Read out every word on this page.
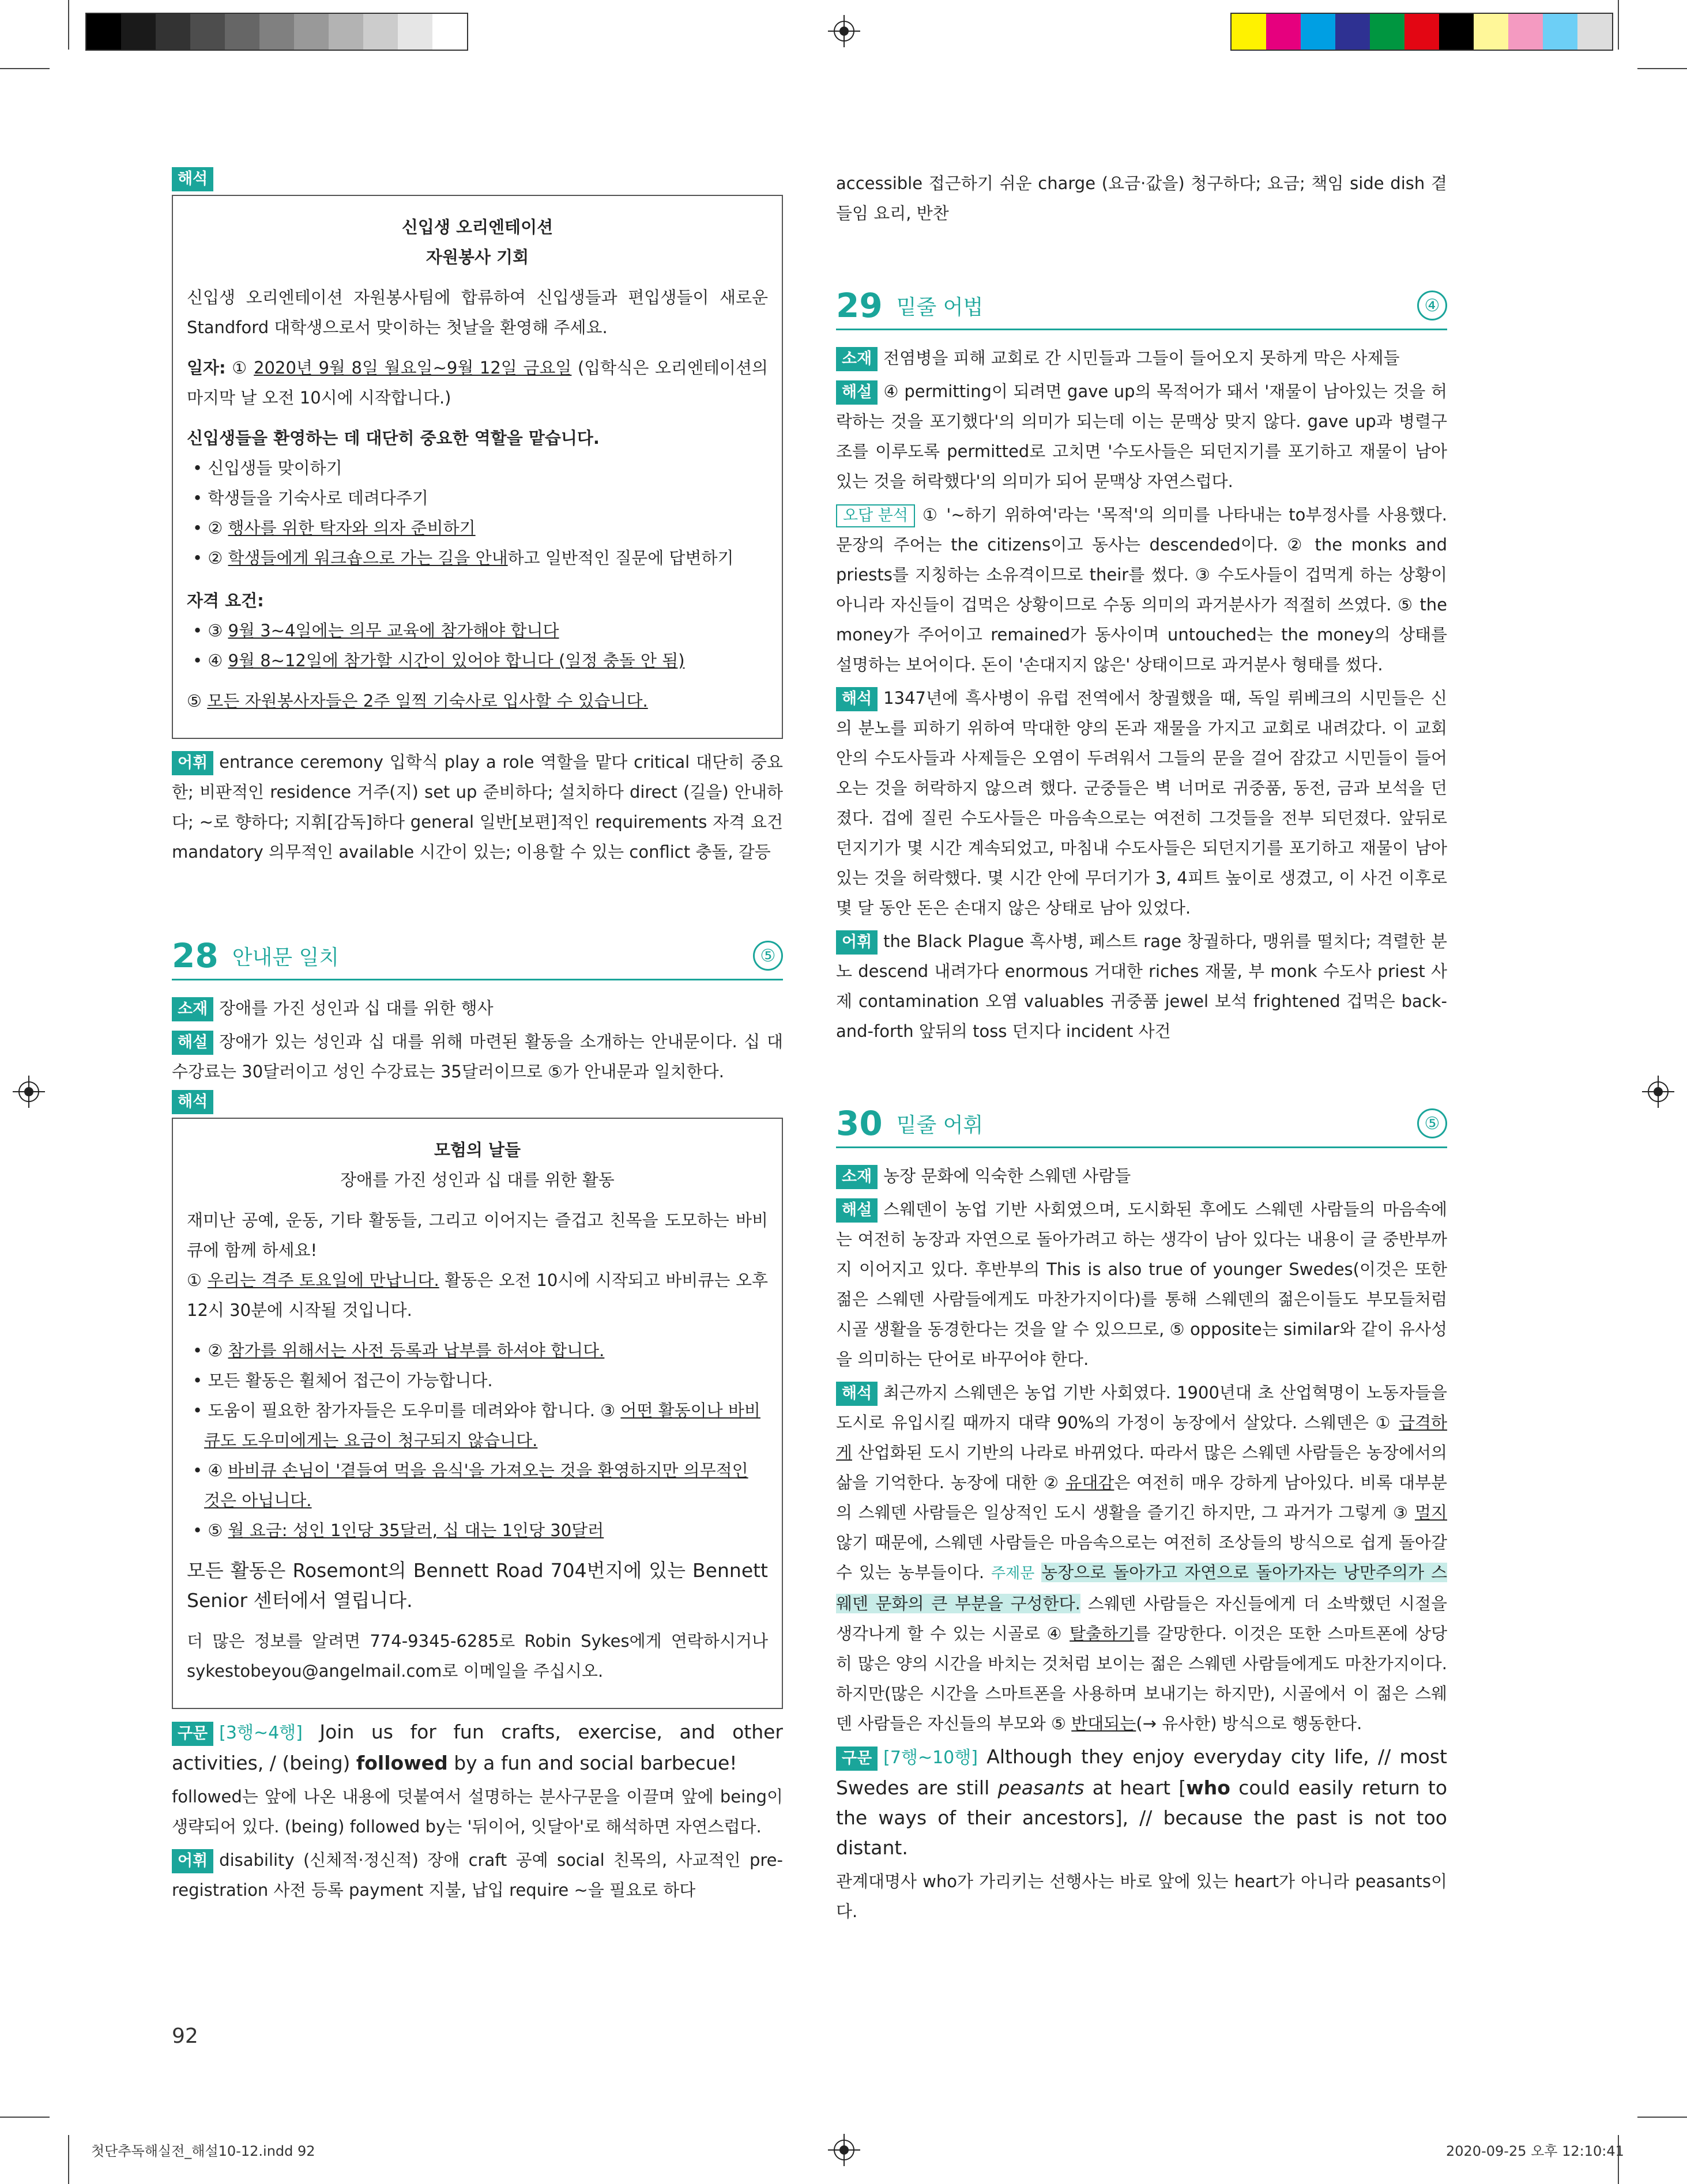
해석
신입생 오리엔테이션
자원봉사 기회
신입생 오리엔테이션 자원봉사팀에 합류하여 신입생들과 편입생들이 새로운 Standford 대학생으로서 맞이하는 첫날을 환영해 주세요.
일자: ① 2020년 9월 8일 월요일~9월 12일 금요일 (입학식은 오리엔테이션의 마지막 날 오전 10시에 시작합니다.)
신입생들을 환영하는 데 대단히 중요한 역할을 맡습니다.
• 신입생들 맞이하기
• 학생들을 기숙사로 데려다주기
• ② 행사를 위한 탁자와 의자 준비하기
• ② 학생들에게 워크숍으로 가는 길을 안내하고 일반적인 질문에 답변하기
자격 요건:
• ③ 9월 3~4일에는 의무 교육에 참가해야 합니다
• ④ 9월 8~12일에 참가할 시간이 있어야 합니다 (일정 충돌 안 됨)
⑤ 모든 자원봉사자들은 2주 일찍 기숙사로 입사할 수 있습니다.
어휘 entrance ceremony 입학식 play a role 역할을 맡다 critical 대단히 중요한; 비판적인 residence 거주(지) set up 준비하다; 설치하다 direct (길을) 안내하다; ~로 향하다; 지휘[감독]하다 general 일반[보편]적인 requirements 자격 요건 mandatory 의무적인 available 시간이 있는; 이용할 수 있는 conflict 충돌, 갈등
28 안내문 일치	⑤
소재 장애를 가진 성인과 십 대를 위한 행사
해설 장애가 있는 성인과 십 대를 위해 마련된 활동을 소개하는 안내문이다. 십 대 수강료는 30달러이고 성인 수강료는 35달러이므로 ⑤가 안내문과 일치한다.
해석
모험의 날들
장애를 가진 성인과 십 대를 위한 활동
재미난 공예, 운동, 기타 활동들, 그리고 이어지는 즐겁고 친목을 도모하는 바비큐에 함께 하세요!
① 우리는 격주 토요일에 만납니다. 활동은 오전 10시에 시작되고 바비큐는 오후 12시 30분에 시작될 것입니다.
• ② 참가를 위해서는 사전 등록과 납부를 하셔야 합니다.
• 모든 활동은 휠체어 접근이 가능합니다.
• 도움이 필요한 참가자들은 도우미를 데려와야 합니다. ③ 어떤 활동이나 바비큐도 도우미에게는 요금이 청구되지 않습니다.
• ④ 바비큐 손님이 '곁들여 먹을 음식'을 가져오는 것을 환영하지만 의무적인 것은 아닙니다.
• ⑤ 월 요금: 성인 1인당 35달러, 십 대는 1인당 30달러
모든 활동은 Rosemont의 Bennett Road 704번지에 있는 Bennett Senior 센터에서 열립니다.
더 많은 정보를 알려면 774-9345-6285로 Robin Sykes에게 연락하시거나 sykestobeyou@angelmail.com로 이메일을 주십시오.
구문 [3행~4행] Join us for fun crafts, exercise, and other activities, / (being) followed by a fun and social barbecue!
followed는 앞에 나온 내용에 덧붙여서 설명하는 분사구문을 이끌며 앞에 being이 생략되어 있다. (being) followed by는 '뒤이어, 잇달아'로 해석하면 자연스럽다.
어휘 disability (신체적·정신적) 장애 craft 공예 social 친목의, 사교적인 pre-registration 사전 등록 payment 지불, 납입 require ~을 필요로 하다
accessible 접근하기 쉬운 charge (요금·값을) 청구하다; 요금; 책임 side dish 곁들임 요리, 반찬
29 밑줄 어법	④
소재 전염병을 피해 교회로 간 시민들과 그들이 들어오지 못하게 막은 사제들
해설 ④ permitting이 되려면 gave up의 목적어가 돼서 '재물이 남아있는 것을 허락하는 것을 포기했다'의 의미가 되는데 이는 문맥상 맞지 않다. gave up과 병렬구조를 이루도록 permitted로 고치면 '수도사들은 되던지기를 포기하고 재물이 남아있는 것을 허락했다'의 의미가 되어 문맥상 자연스럽다.
오답 분석 ① '~하기 위하여'라는 '목적'의 의미를 나타내는 to부정사를 사용했다. 문장의 주어는 the citizens이고 동사는 descended이다. ② the monks and priests를 지칭하는 소유격이므로 their를 썼다. ③ 수도사들이 겁먹게 하는 상황이 아니라 자신들이 겁먹은 상황이므로 수동 의미의 과거분사가 적절히 쓰였다. ⑤ the money가 주어이고 remained가 동사이며 untouched는 the money의 상태를 설명하는 보어이다. 돈이 '손대지지 않은' 상태이므로 과거분사 형태를 썼다.
해석 1347년에 흑사병이 유럽 전역에서 창궐했을 때, 독일 뤼베크의 시민들은 신의 분노를 피하기 위하여 막대한 양의 돈과 재물을 가지고 교회로 내려갔다. 이 교회 안의 수도사들과 사제들은 오염이 두려워서 그들의 문을 걸어 잠갔고 시민들이 들어오는 것을 허락하지 않으려 했다. 군중들은 벽 너머로 귀중품, 동전, 금과 보석을 던졌다. 겁에 질린 수도사들은 마음속으로는 여전히 그것들을 전부 되던졌다. 앞뒤로 던지기가 몇 시간 계속되었고, 마침내 수도사들은 되던지기를 포기하고 재물이 남아있는 것을 허락했다. 몇 시간 안에 무더기가 3, 4피트 높이로 생겼고, 이 사건 이후로 몇 달 동안 돈은 손대지 않은 상태로 남아 있었다.
어휘 the Black Plague 흑사병, 페스트 rage 창궐하다, 맹위를 떨치다; 격렬한 분노 descend 내려가다 enormous 거대한 riches 재물, 부 monk 수도사 priest 사제 contamination 오염 valuables 귀중품 jewel 보석 frightened 겁먹은 back-and-forth 앞뒤의 toss 던지다 incident 사건
30 밑줄 어휘	⑤
소재 농장 문화에 익숙한 스웨덴 사람들
해설 스웨덴이 농업 기반 사회였으며, 도시화된 후에도 스웨덴 사람들의 마음속에는 여전히 농장과 자연으로 돌아가려고 하는 생각이 남아 있다는 내용이 글 중반부까지 이어지고 있다. 후반부의 This is also true of younger Swedes(이것은 또한 젊은 스웨덴 사람들에게도 마찬가지이다)를 통해 스웨덴의 젊은이들도 부모들처럼 시골 생활을 동경한다는 것을 알 수 있으므로, ⑤ opposite는 similar와 같이 유사성을 의미하는 단어로 바꾸어야 한다.
해석 최근까지 스웨덴은 농업 기반 사회였다. 1900년대 초 산업혁명이 노동자들을 도시로 유입시킬 때까지 대략 90%의 가정이 농장에서 살았다. 스웨덴은 ① 급격하게 산업화된 도시 기반의 나라로 바뀌었다. 따라서 많은 스웨덴 사람들은 농장에서의 삶을 기억한다. 농장에 대한 ② 유대감은 여전히 매우 강하게 남아있다. 비록 대부분의 스웨덴 사람들은 일상적인 도시 생활을 즐기긴 하지만, 그 과거가 그렇게 ③ 멀지 않기 때문에, 스웨덴 사람들은 마음속으로는 여전히 조상들의 방식으로 쉽게 돌아갈 수 있는 농부들이다. 주제문 농장으로 돌아가고 자연으로 돌아가자는 낭만주의가 스웨덴 문화의 큰 부분을 구성한다. 스웨덴 사람들은 자신들에게 더 소박했던 시절을 생각나게 할 수 있는 시골로 ④ 탈출하기를 갈망한다. 이것은 또한 스마트폰에 상당히 많은 양의 시간을 바치는 것처럼 보이는 젊은 스웨덴 사람들에게도 마찬가지이다. 하지만(많은 시간을 스마트폰을 사용하며 보내기는 하지만), 시골에서 이 젊은 스웨덴 사람들은 자신들의 부모와 ⑤ 반대되는(→ 유사한) 방식으로 행동한다.
구문 [7행~10행] Although they enjoy everyday city life, // most Swedes are still peasants at heart [who could easily return to the ways of their ancestors], // because the past is not too distant.
관계대명사 who가 가리키는 선행사는 바로 앞에 있는 heart가 아니라 peasants이다.
92
첫단추독해실전_해설10-12.indd 92	2020-09-25 오후 12:10:41
